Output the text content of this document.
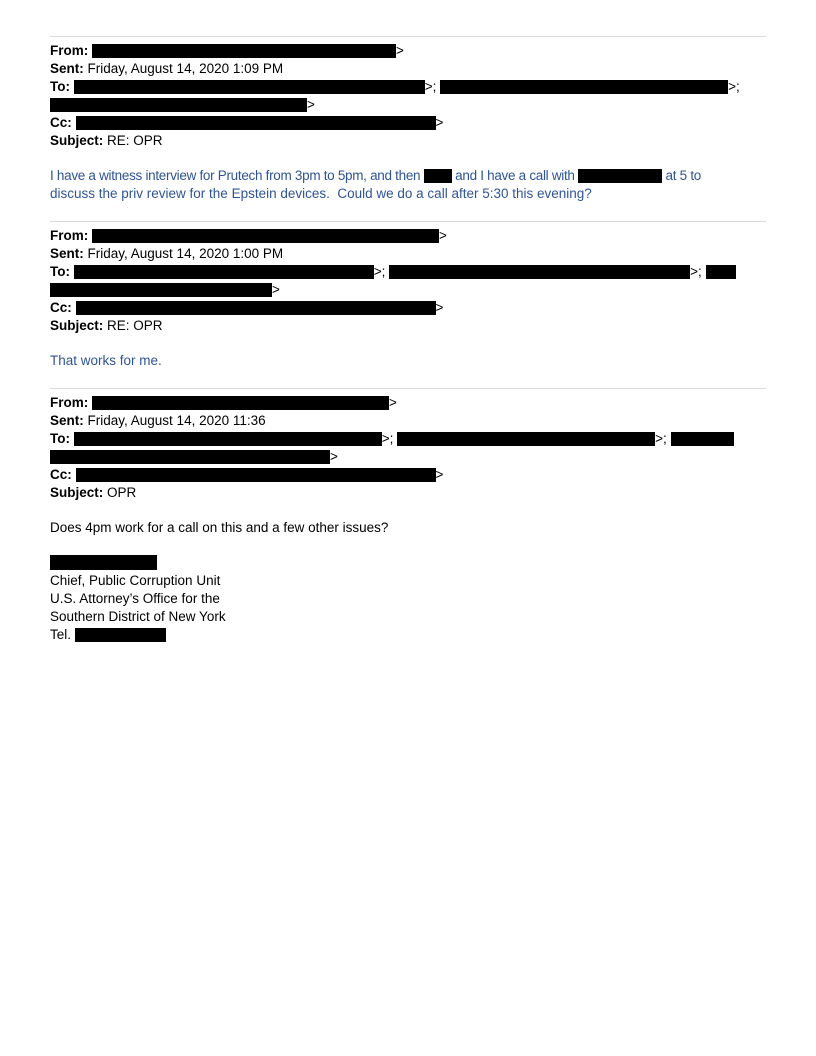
From:	>
Sent: Friday, August 14, 2020 1:09 PM
To:	>;	>;
>
Cc:	>
Subject: RE: OPR
I have a witness interview for Prutech from 3pm to 5pm, and then  and I have a call with	at 5 to
discuss the priv review for the Epstein devices.  Could we do a call after 5:30 this evening?
From:	>
Sent: Friday, August 14, 2020 1:00 PM
To:	>;	>;
>
Cc:	>
Subject: RE: OPR
That works for me.
From:	>
Sent: Friday, August 14, 2020 11:36
To:	>;	>;
>
Cc:	>
Subject: OPR
Does 4pm work for a call on this and a few other issues?
Chief, Public Corruption Unit
U.S. Attorney’s Office for the
Southern District of New York
Tel.
